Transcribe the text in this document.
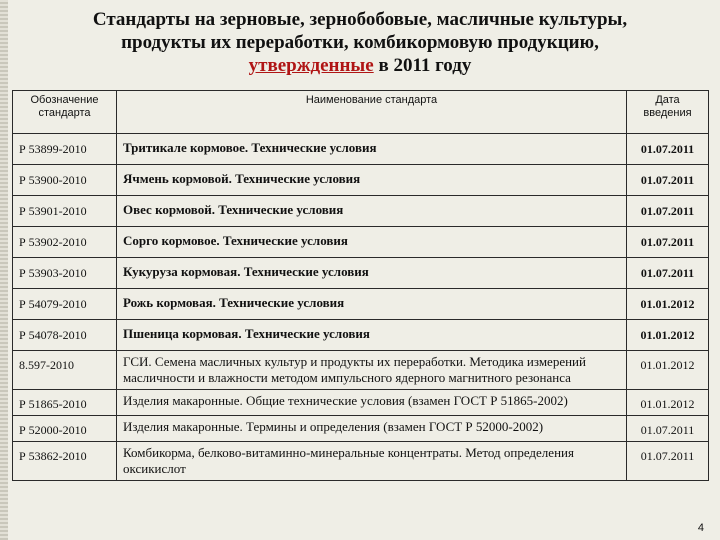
Стандарты на зерновые, зернобобовые, масличные культуры,
продукты их переработки, комбикормовую продукцию,
утвержденные в 2011 году
Обозначение стандарта	Наименование стандарта	Дата введения
Р 53899-2010	Тритикале кормовое. Технические условия	01.07.2011
Р 53900-2010	Ячмень кормовой. Технические условия	01.07.2011
Р 53901-2010	Овес кормовой. Технические условия	01.07.2011
Р 53902-2010	Сорго кормовое. Технические условия	01.07.2011
Р 53903-2010	Кукуруза кормовая. Технические условия	01.07.2011
Р 54079-2010	Рожь кормовая. Технические условия	01.01.2012
Р 54078-2010	Пшеница кормовая. Технические условия	01.01.2012
8.597-2010	ГСИ. Семена масличных культур и продукты их переработки. Методика измерений масличности и влажности методом импульсного ядерного магнитного резонанса	01.01.2012
Р 51865-2010	Изделия макаронные. Общие технические условия (взамен ГОСТ Р 51865-2002)	01.01.2012
Р 52000-2010	Изделия макаронные. Термины и определения (взамен ГОСТ Р 52000-2002)	01.07.2011
Р 53862-2010	Комбикорма, белково-витаминно-минеральные концентраты. Метод определения оксикислот	01.07.2011
4
